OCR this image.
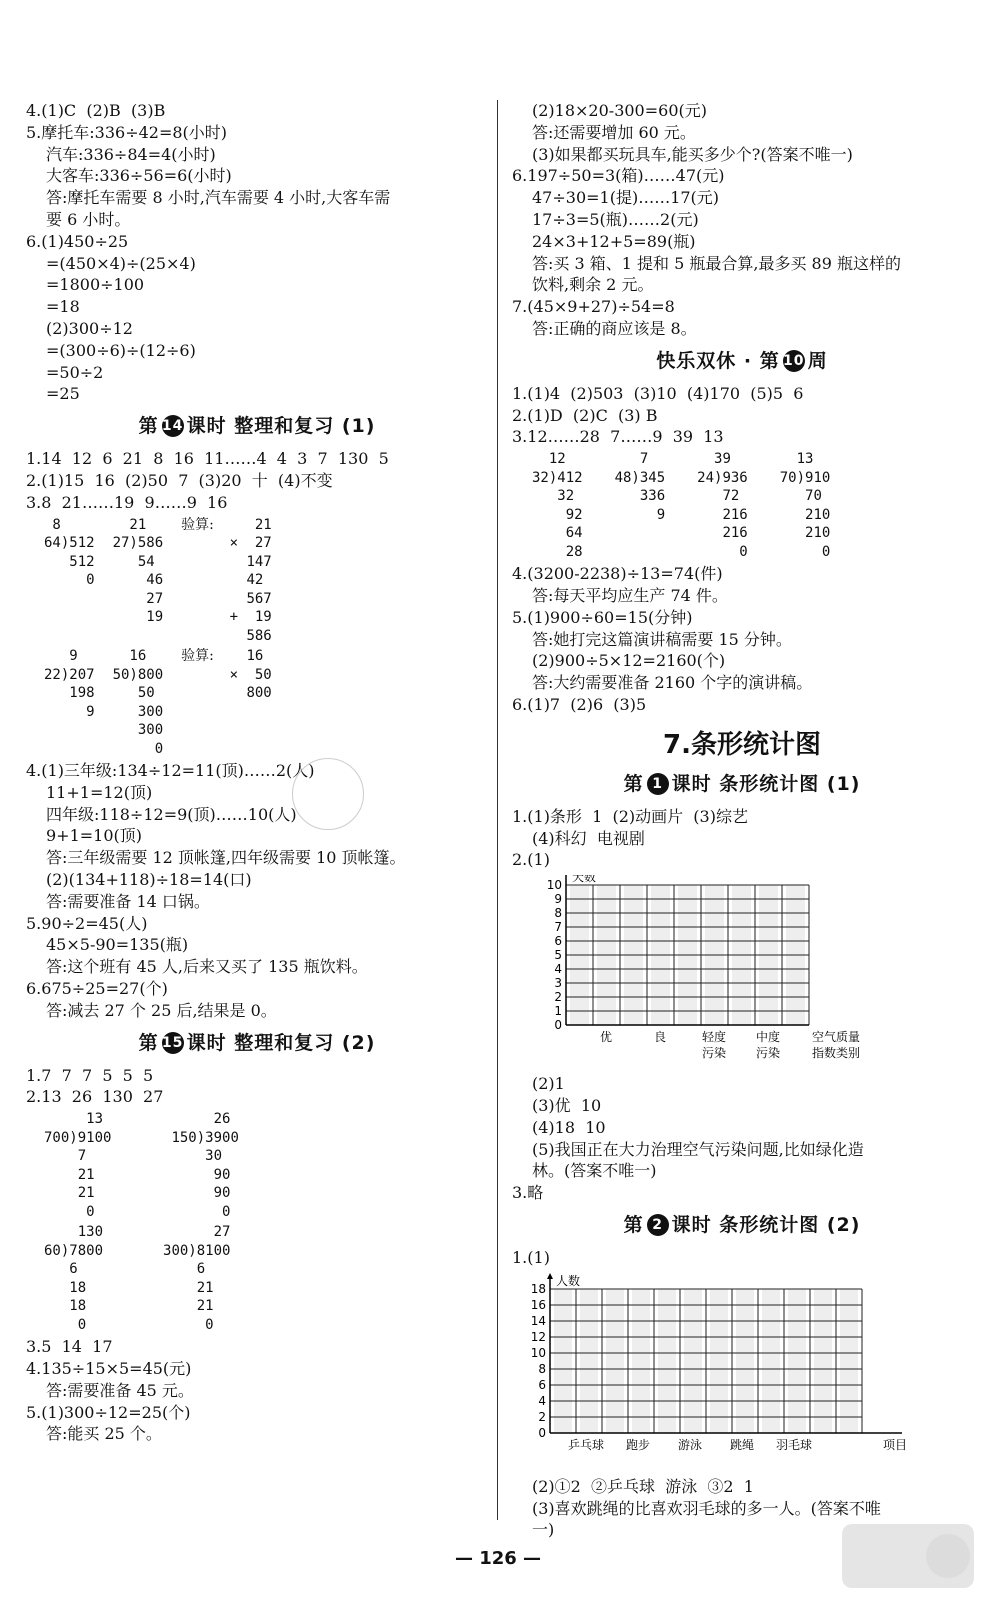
4.(1)C  (2)B  (3)B
5.摩托车:336÷42=8(小时)
汽车:336÷84=4(小时)
大客车:336÷56=6(小时)
答:摩托车需要 8 小时,汽车需要 4 小时,大客车需
要 6 小时。
6.(1)450÷25
=(450×4)÷(25×4)
=1800÷100
=18
(2)300÷12
=(300÷6)÷(12÷6)
=50÷2
=25
第 14 课时 整理和复习 (1)
1.14  12  6  21  8  16  11……4  4  3  7  130  5
2.(1)15  16  (2)50  7  (3)20  十  (4)不变
3.8  21……19  9……9  16
8
64)512
512
0
21
27)586
54
46
27
19
验算:	21
×  27
147
42
567
+  19
586
9
22)207
198
9
16
50)800
50
300
300
0
验算:	16
×  50
800
4.(1)三年级:134÷12=11(顶)……2(人)
11+1=12(顶)
四年级:118÷12=9(顶)……10(人)
9+1=10(顶)
答:三年级需要 12 顶帐篷,四年级需要 10 顶帐篷。
(2)(134+118)÷18=14(口)
答:需要准备 14 口锅。
5.90÷2=45(人)
45×5-90=135(瓶)
答:这个班有 45 人,后来又买了 135 瓶饮料。
6.675÷25=27(个)
答:减去 27 个 25 后,结果是 0。
第 15 课时 整理和复习 (2)
1.7  7  7  5  5  5
2.13  26  130  27
13
700)9100
7
21
21
0
26
150)3900
30
90
90
0
130
60)7800
6
18
18
0
27
300)8100
6
21
21
0
3.5  14  17
4.135÷15×5=45(元)
答:需要准备 45 元。
5.(1)300÷12=25(个)
答:能买 25 个。
(2)18×20-300=60(元)
答:还需要增加 60 元。
(3)如果都买玩具车,能买多少个?(答案不唯一)
6.197÷50=3(箱)……47(元)
47÷30=1(提)……17(元)
17÷3=5(瓶)……2(元)
24×3+12+5=89(瓶)
答:买 3 箱、1 提和 5 瓶最合算,最多买 89 瓶这样的
饮料,剩余 2 元。
7.(45×9+27)÷54=8
答:正确的商应该是 8。
快乐双休 · 第 10 周
1.(1)4  (2)503  (3)10  (4)170  (5)5  6
2.(1)D  (2)C  (3) B
3.12……28  7……9  39  13
12
32)412
32
92
64
28
7
48)345
336
9
39
24)936
72
216
216
0
13
70)910
70
210
210
0
4.(3200-2238)÷13=74(件)
答:每天平均应生产 74 件。
5.(1)900÷60=15(分钟)
答:她打完这篇演讲稿需要 15 分钟。
(2)900÷5×12=2160(个)
答:大约需要准备 2160 个字的演讲稿。
6.(1)7  (2)6  (3)5
7.条形统计图
第 1 课时 条形统计图 (1)
1.(1)条形  1  (2)动画片  (3)综艺
(4)科幻  电视剧
2.(1)
0
1
2
3
4
5
6
7
8
9
10
天数
优	良	轻度
污染
中度
污染
空气质量
指数类别
(2)1
(3)优  10
(4)18  10
(5)我国正在大力治理空气污染问题,比如绿化造
林。(答案不唯一)
3.略
第 2 课时 条形统计图 (2)
1.(1)
0
2
4
6
8
10
12
14
16
18
人数
乒乓球 跑步 游泳 跳绳 羽毛球	项目
(2)①2  ②乒乓球  游泳  ③2  1
(3)喜欢跳绳的比喜欢羽毛球的多一人。(答案不唯
一)
— 126 —
